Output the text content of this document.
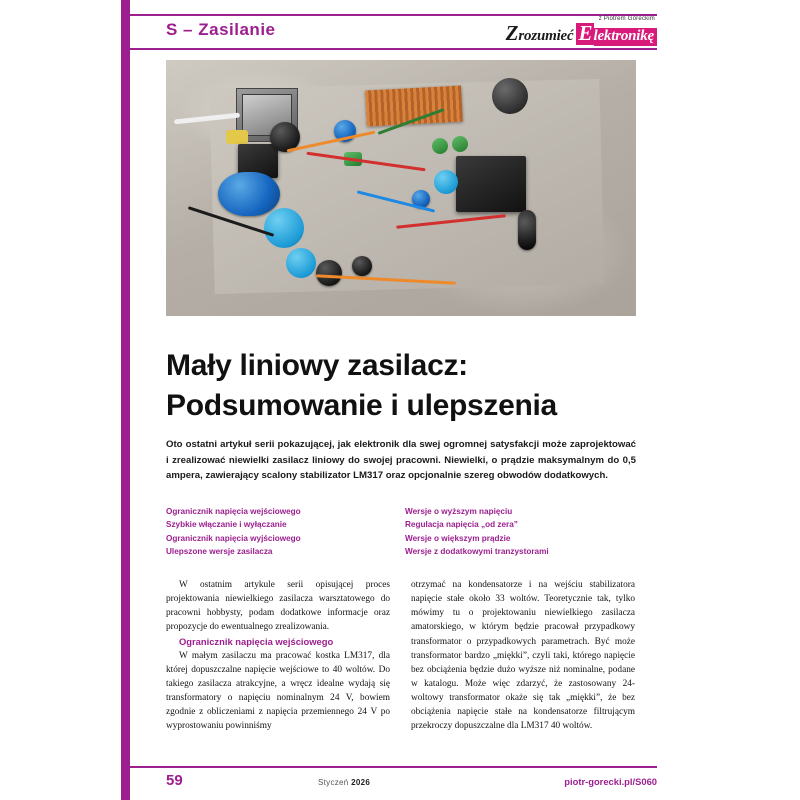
S – Zasilanie
z Piotrem Góreckim
Z rozumieć E lektronikę
Mały liniowy zasilacz:
Podsumowanie i ulepszenia
Oto ostatni artykuł serii pokazującej, jak elektronik dla swej ogromnej satysfakcji może zaprojektować i zrealizować niewielki zasilacz liniowy do swojej pracowni. Niewielki, o prądzie maksymalnym do 0,5 ampera, zawierający scalony stabilizator LM317 oraz opcjonalnie szereg obwodów dodatkowych.
Ogranicznik napięcia wejściowego
Szybkie włączanie i wyłączanie
Ogranicznik napięcia wyjściowego
Ulepszone wersje zasilacza
Wersje o wyższym napięciu
Regulacja napięcia „od zera”
Wersje o większym prądzie
Wersje z dodatkowymi tranzystorami

W ostatnim artykule serii opisującej proces projektowania niewielkiego zasilacza warsztatowego do pracowni hobbysty, podam dodatkowe informacje oraz propozycje do ewentualnego zrealizowania.

Ogranicznik napięcia wejściowego

W małym zasilaczu ma pracować kostka LM317, dla której dopuszczalne napięcie wejściowe to 40 woltów. Do takiego zasilacza atrakcyjne, a wręcz idealne wydają się transformatory o napięciu nominalnym 24 V, bowiem zgodnie z obliczeniami z napięcia przemiennego 24 V po wyprostowaniu powinniśmy

otrzymać na kondensatorze i na wejściu stabilizatora napięcie stałe około 33 woltów. Teoretycznie tak, tylko mówimy tu o projektowaniu niewielkiego zasilacza amatorskiego, w którym będzie pracował przypadkowy transformator o przypadkowych parametrach. Być może transformator bardzo „miękki”, czyli taki, którego napięcie bez obciążenia będzie dużo wyższe niż nominalne, podane w katalogu. Może więc zdarzyć, że zastosowany 24-woltowy transformator okaże się tak „miękki”, że bez obciążenia napięcie stałe na kondensatorze filtrującym przekroczy dopuszczalne dla LM317 40 woltów.

59	Styczeń 2026	piotr-gorecki.pl/S060
